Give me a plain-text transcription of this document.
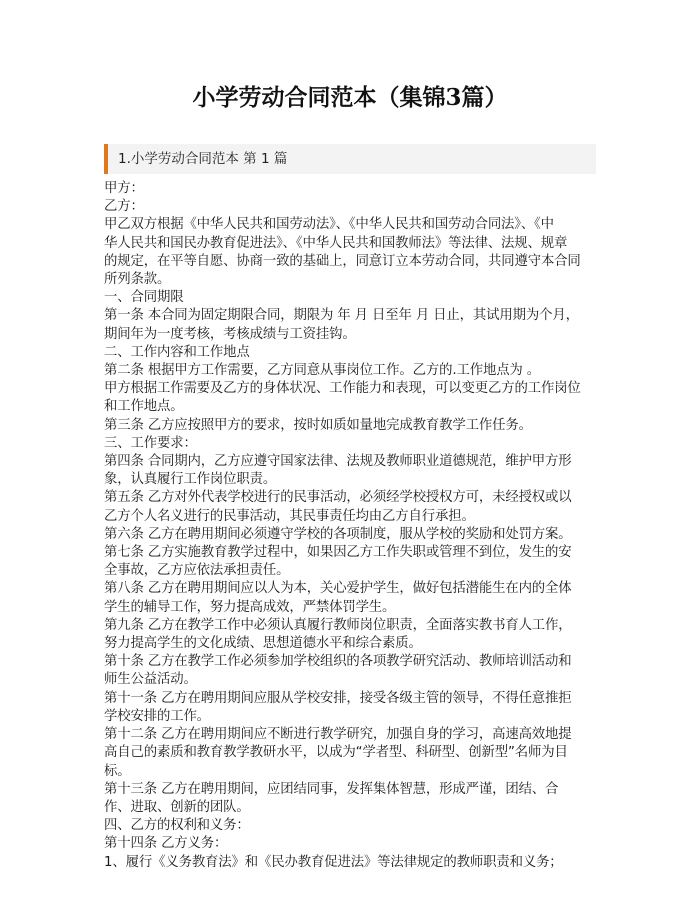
小学劳动合同范本（集锦3篇）
1.小学劳动合同范本 第 1 篇

甲方：

乙方：

甲乙双方根据《中华人民共和国劳动法》、《中华人民共和国劳动合同法》、《中

华人民共和国民办教育促进法》、《中华人民共和国教师法》等法律、法规、规章

的规定，在平等自愿、协商一致的基础上，同意订立本劳动合同，共同遵守本合同

所列条款。

一、合同期限

第一条 本合同为固定期限合同，期限为 年 月 日至年 月 日止，其试用期为个月，

期间年为一度考核，考核成绩与工资挂钩。

二、工作内容和工作地点

第二条 根据甲方工作需要，乙方同意从事岗位工作。乙方的.工作地点为 。

甲方根据工作需要及乙方的身体状况、工作能力和表现，可以变更乙方的工作岗位

和工作地点。

第三条 乙方应按照甲方的要求，按时如质如量地完成教育教学工作任务。

三、工作要求：

第四条 合同期内，乙方应遵守国家法律、法规及教师职业道德规范，维护甲方形

象，认真履行工作岗位职责。

第五条 乙方对外代表学校进行的民事活动，必须经学校授权方可，未经授权或以

乙方个人名义进行的民事活动，其民事责任均由乙方自行承担。

第六条 乙方在聘用期间必须遵守学校的各项制度，服从学校的奖励和处罚方案。

第七条 乙方实施教育教学过程中，如果因乙方工作失职或管理不到位，发生的安

全事故，乙方应依法承担责任。

第八条 乙方在聘用期间应以人为本，关心爱护学生，做好包括潜能生在内的全体

学生的辅导工作，努力提高成效，严禁体罚学生。

第九条 乙方在教学工作中必须认真履行教师岗位职责，全面落实教书育人工作，

努力提高学生的文化成绩、思想道德水平和综合素质。

第十条 乙方在教学工作必须参加学校组织的各项教学研究活动、教师培训活动和

师生公益活动。

第十一条 乙方在聘用期间应服从学校安排，接受各级主管的领导，不得任意推拒

学校安排的工作。

第十二条 乙方在聘用期间应不断进行教学研究，加强自身的学习，高速高效地提

高自己的素质和教育教学教研水平，以成为“学者型、科研型、创新型”名师为目

标。

第十三条 乙方在聘用期间，应团结同事，发挥集体智慧，形成严谨，团结、合

作、进取、创新的团队。

四、乙方的权利和义务：

第十四条 乙方义务：

1、履行《义务教育法》和《民办教育促进法》等法律规定的教师职责和义务；
